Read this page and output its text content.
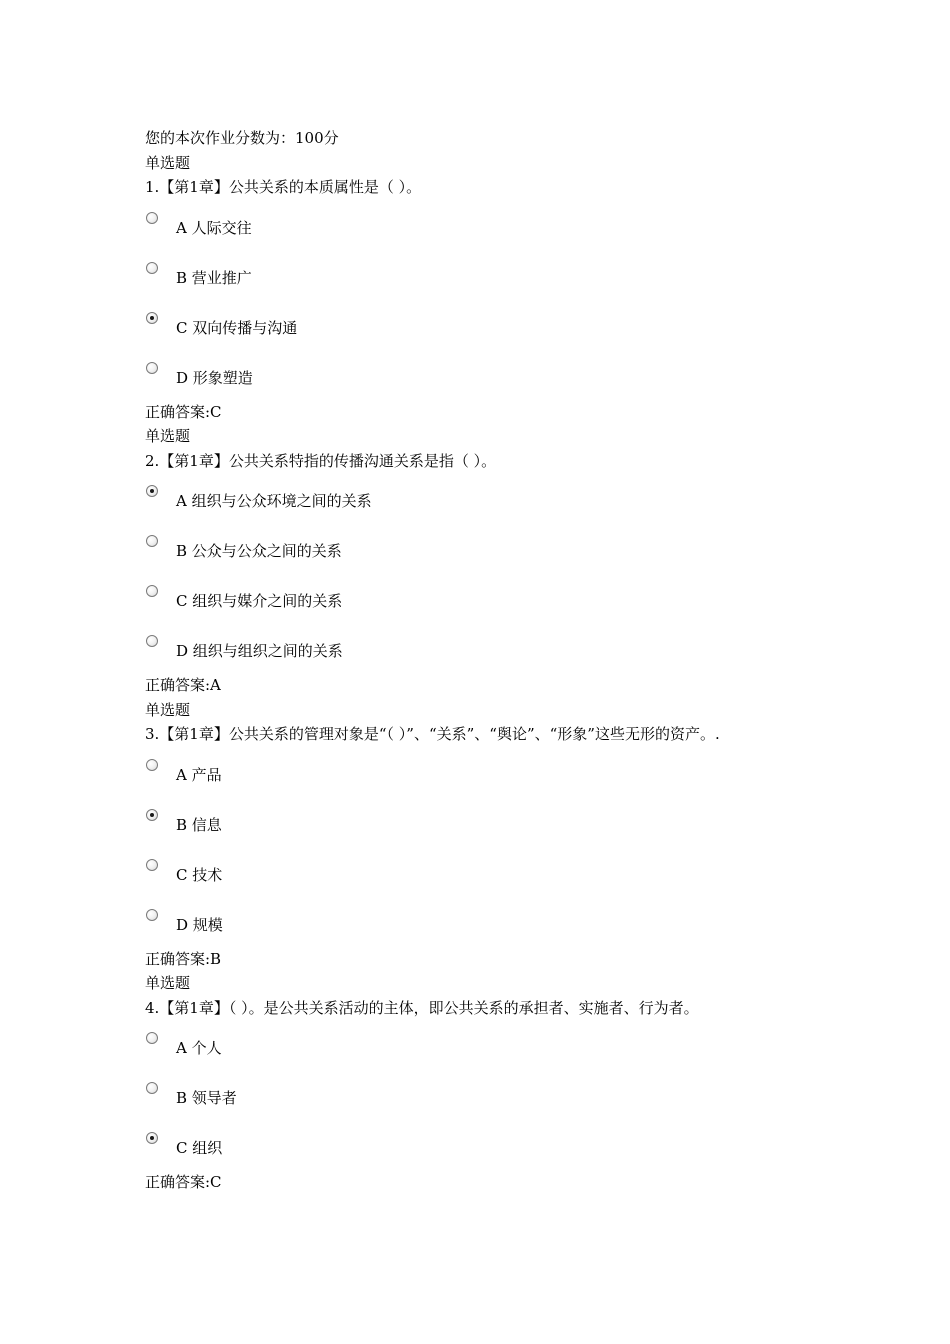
您的本次作业分数为：100分
单选题
1.【第1章】公共关系的本质属性是（ ）。
A 人际交往
B 营业推广
C 双向传播与沟通
D 形象塑造
正确答案:C
单选题
2.【第1章】公共关系特指的传播沟通关系是指（ ）。
A 组织与公众环境之间的关系
B 公众与公众之间的关系
C 组织与媒介之间的关系
D 组织与组织之间的关系
正确答案:A
单选题
3.【第1章】公共关系的管理对象是“（ ）”、“关系”、“舆论”、“形象”这些无形的资产。.
A 产品
B 信息
C 技术
D 规模
正确答案:B
单选题
4.【第1章】（ ）。是公共关系活动的主体，即公共关系的承担者、实施者、行为者。
A 个人
B 领导者
C 组织
正确答案:C
